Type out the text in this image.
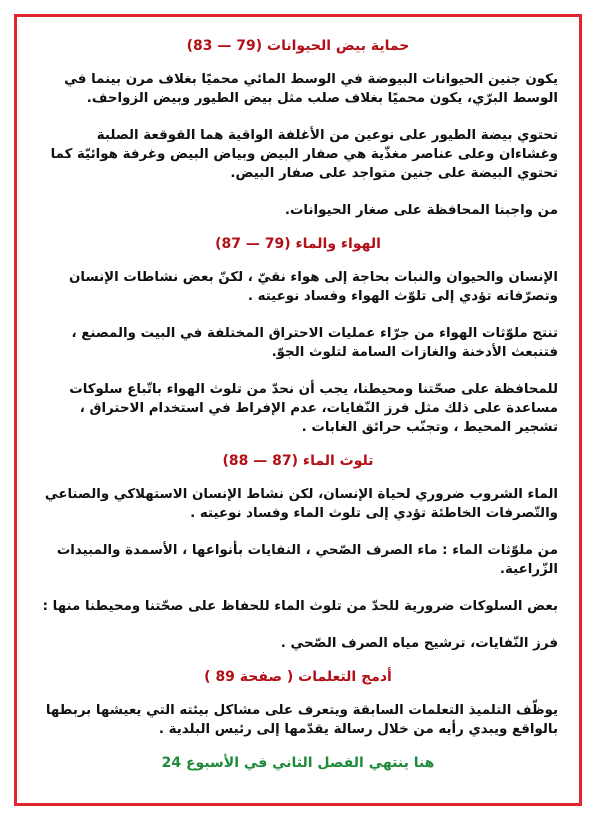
حماية بيض الحيوانات (79 — 83)

يكون جنين الحيوانات البيوضة في الوسط المائي محميًا بغلاف مرن بينما في الوسط البرّي، يكون محميًا بغلاف صلب مثل بيض الطيور وبيض الزواحف.

تحتوي بيضة الطيور على نوعين من الأغلفة الواقية هما القوقعة الصلبة وغشاءان وعلى عناصر مغذّية هي صفار البيض وبياض البيض وغرفة هوائيّة كما تحتوي البيضة على جنين متواجد على صفار البيض.

من واجبنا المحافظة على صغار الحيوانات.

الهواء والماء (79 — 87)

الإنسان والحيوان والنبات بحاجة إلى هواء نقيّ ، لكنّ بعض نشاطات الإنسان وتصرّفاته تؤدي إلى تلوّث الهواء وفساد نوعيته .

تنتج ملوّثات الهواء من جرّاء عمليات الاحتراق المختلفة في البيت والمصنع ، فتنبعث الأدخنة والغازات السامة لتلوث الجوّ.

للمحافظة على صحّتنا ومحيطنا، يجب أن نحدّ من تلوث الهواء باتّباع سلوكات مساعدة على ذلك مثل فرز النّفايات، عدم الإفراط في استخدام الاحتراق ، تشجير المحيط ، وتجنّب حرائق الغابات .

تلوث الماء (87 — 88)

الماء الشروب ضروري لحياة الإنسان، لكن نشاط الإنسان الاستهلاكي والصناعي والتّصرفات الخاطئة تؤدي إلى تلوث الماء وفساد نوعيته .

من ملوّثات الماء : ماء الصرف الصّحي ، النفايات بأنواعها ، الأسمدة والمبيدات الزّراعية.

بعض السلوكات ضرورية للحدّ من تلوث الماء للحفاظ على صحّتنا ومحيطنا منها :

فرز النّفايات، ترشيح مياه الصرف الصّحي .

أدمج التعلمات ( صفحة 89 )

يوظّف التلميذ التعلمات السابقة ويتعرف على مشاكل بيئته التي يعيشها بربطها بالواقع ويبدي رأيه من خلال رسالة يقدّمها إلى رئيس البلدية .

هنا ينتهي الفصل الثاني في الأسبوع 24
